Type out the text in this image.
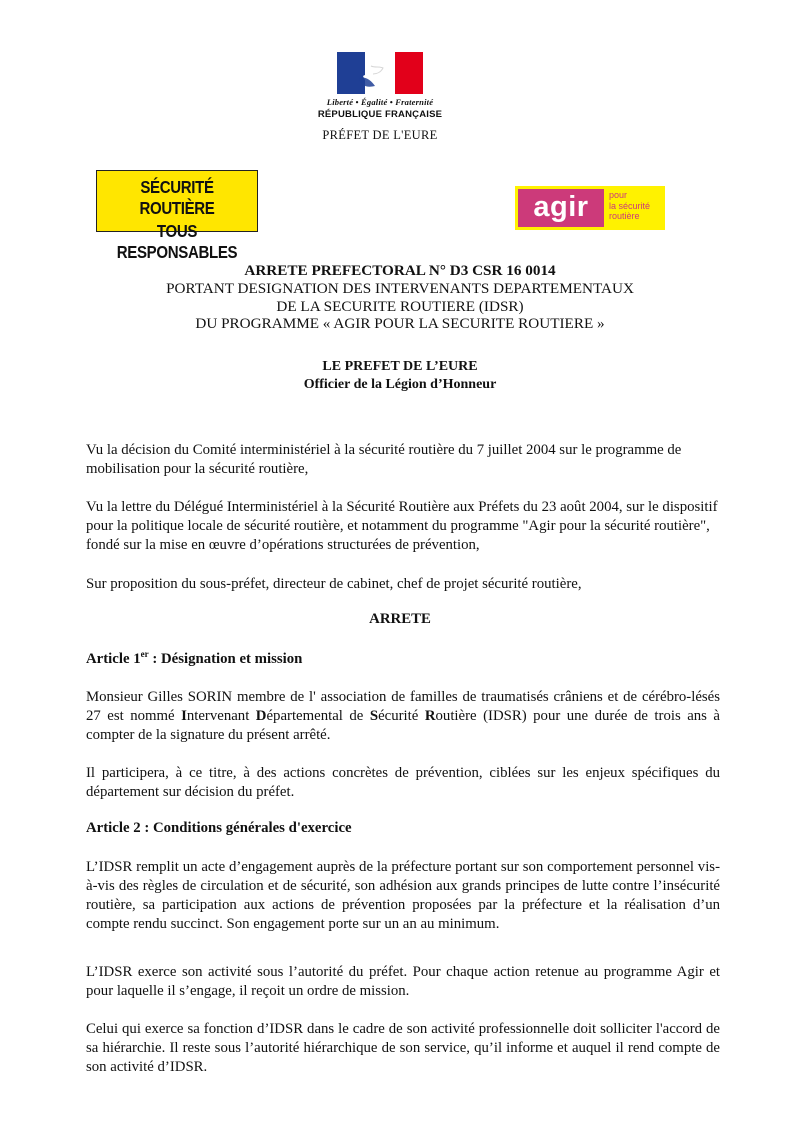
Liberté • Égalité • Fraternité
RÉPUBLIQUE FRANÇAISE
PRÉFET DE L'EURE
SÉCURITÉ ROUTIÈRE
TOUS RESPONSABLES
agir	pour
la sécurité
routière
ARRETE PREFECTORAL N° D3 CSR 16 0014
PORTANT DESIGNATION DES INTERVENANTS DEPARTEMENTAUX
DE LA SECURITE ROUTIERE (IDSR)
DU PROGRAMME « AGIR POUR LA SECURITE ROUTIERE »
LE PREFET DE L’EURE
Officier de la Légion d’Honneur

Vu la décision du Comité interministériel à la sécurité routière du 7 juillet 2004 sur le programme de mobilisation pour la sécurité routière,

Vu la lettre du Délégué Interministériel à la Sécurité Routière aux Préfets du 23 août 2004, sur le dispositif pour la politique locale de sécurité routière, et notamment du programme "Agir pour la sécurité routière", fondé sur la mise en œuvre d’opérations structurées de prévention,

Sur proposition du sous-préfet, directeur de cabinet, chef de projet sécurité routière,

ARRETE

Article 1er : Désignation et mission

Monsieur Gilles SORIN membre de l' association de familles de traumatisés crâniens et de cérébro-lésés 27 est nommé Intervenant Départemental de Sécurité Routière (IDSR) pour une durée de trois ans à compter de la signature du présent arrêté.

Il participera, à ce titre, à des actions concrètes de prévention, ciblées sur les enjeux spécifiques du département sur décision du préfet.

Article 2 : Conditions générales d'exercice

L’IDSR remplit un acte d’engagement auprès de la préfecture portant sur son comportement personnel vis-à-vis des règles de circulation et de sécurité, son adhésion aux grands principes de lutte contre l’insécurité routière, sa participation aux actions de prévention proposées par la préfecture et la réalisation d’un compte rendu succinct. Son engagement porte sur un an au minimum.

L’IDSR exerce son activité sous l’autorité du préfet. Pour chaque action retenue au programme Agir et pour laquelle il s’engage, il reçoit un ordre de mission.

Celui qui exerce sa fonction d’IDSR dans le cadre de son activité professionnelle doit solliciter l'accord de sa hiérarchie. Il reste sous l’autorité hiérarchique de son service, qu’il informe et auquel il rend compte de son activité d’IDSR.
